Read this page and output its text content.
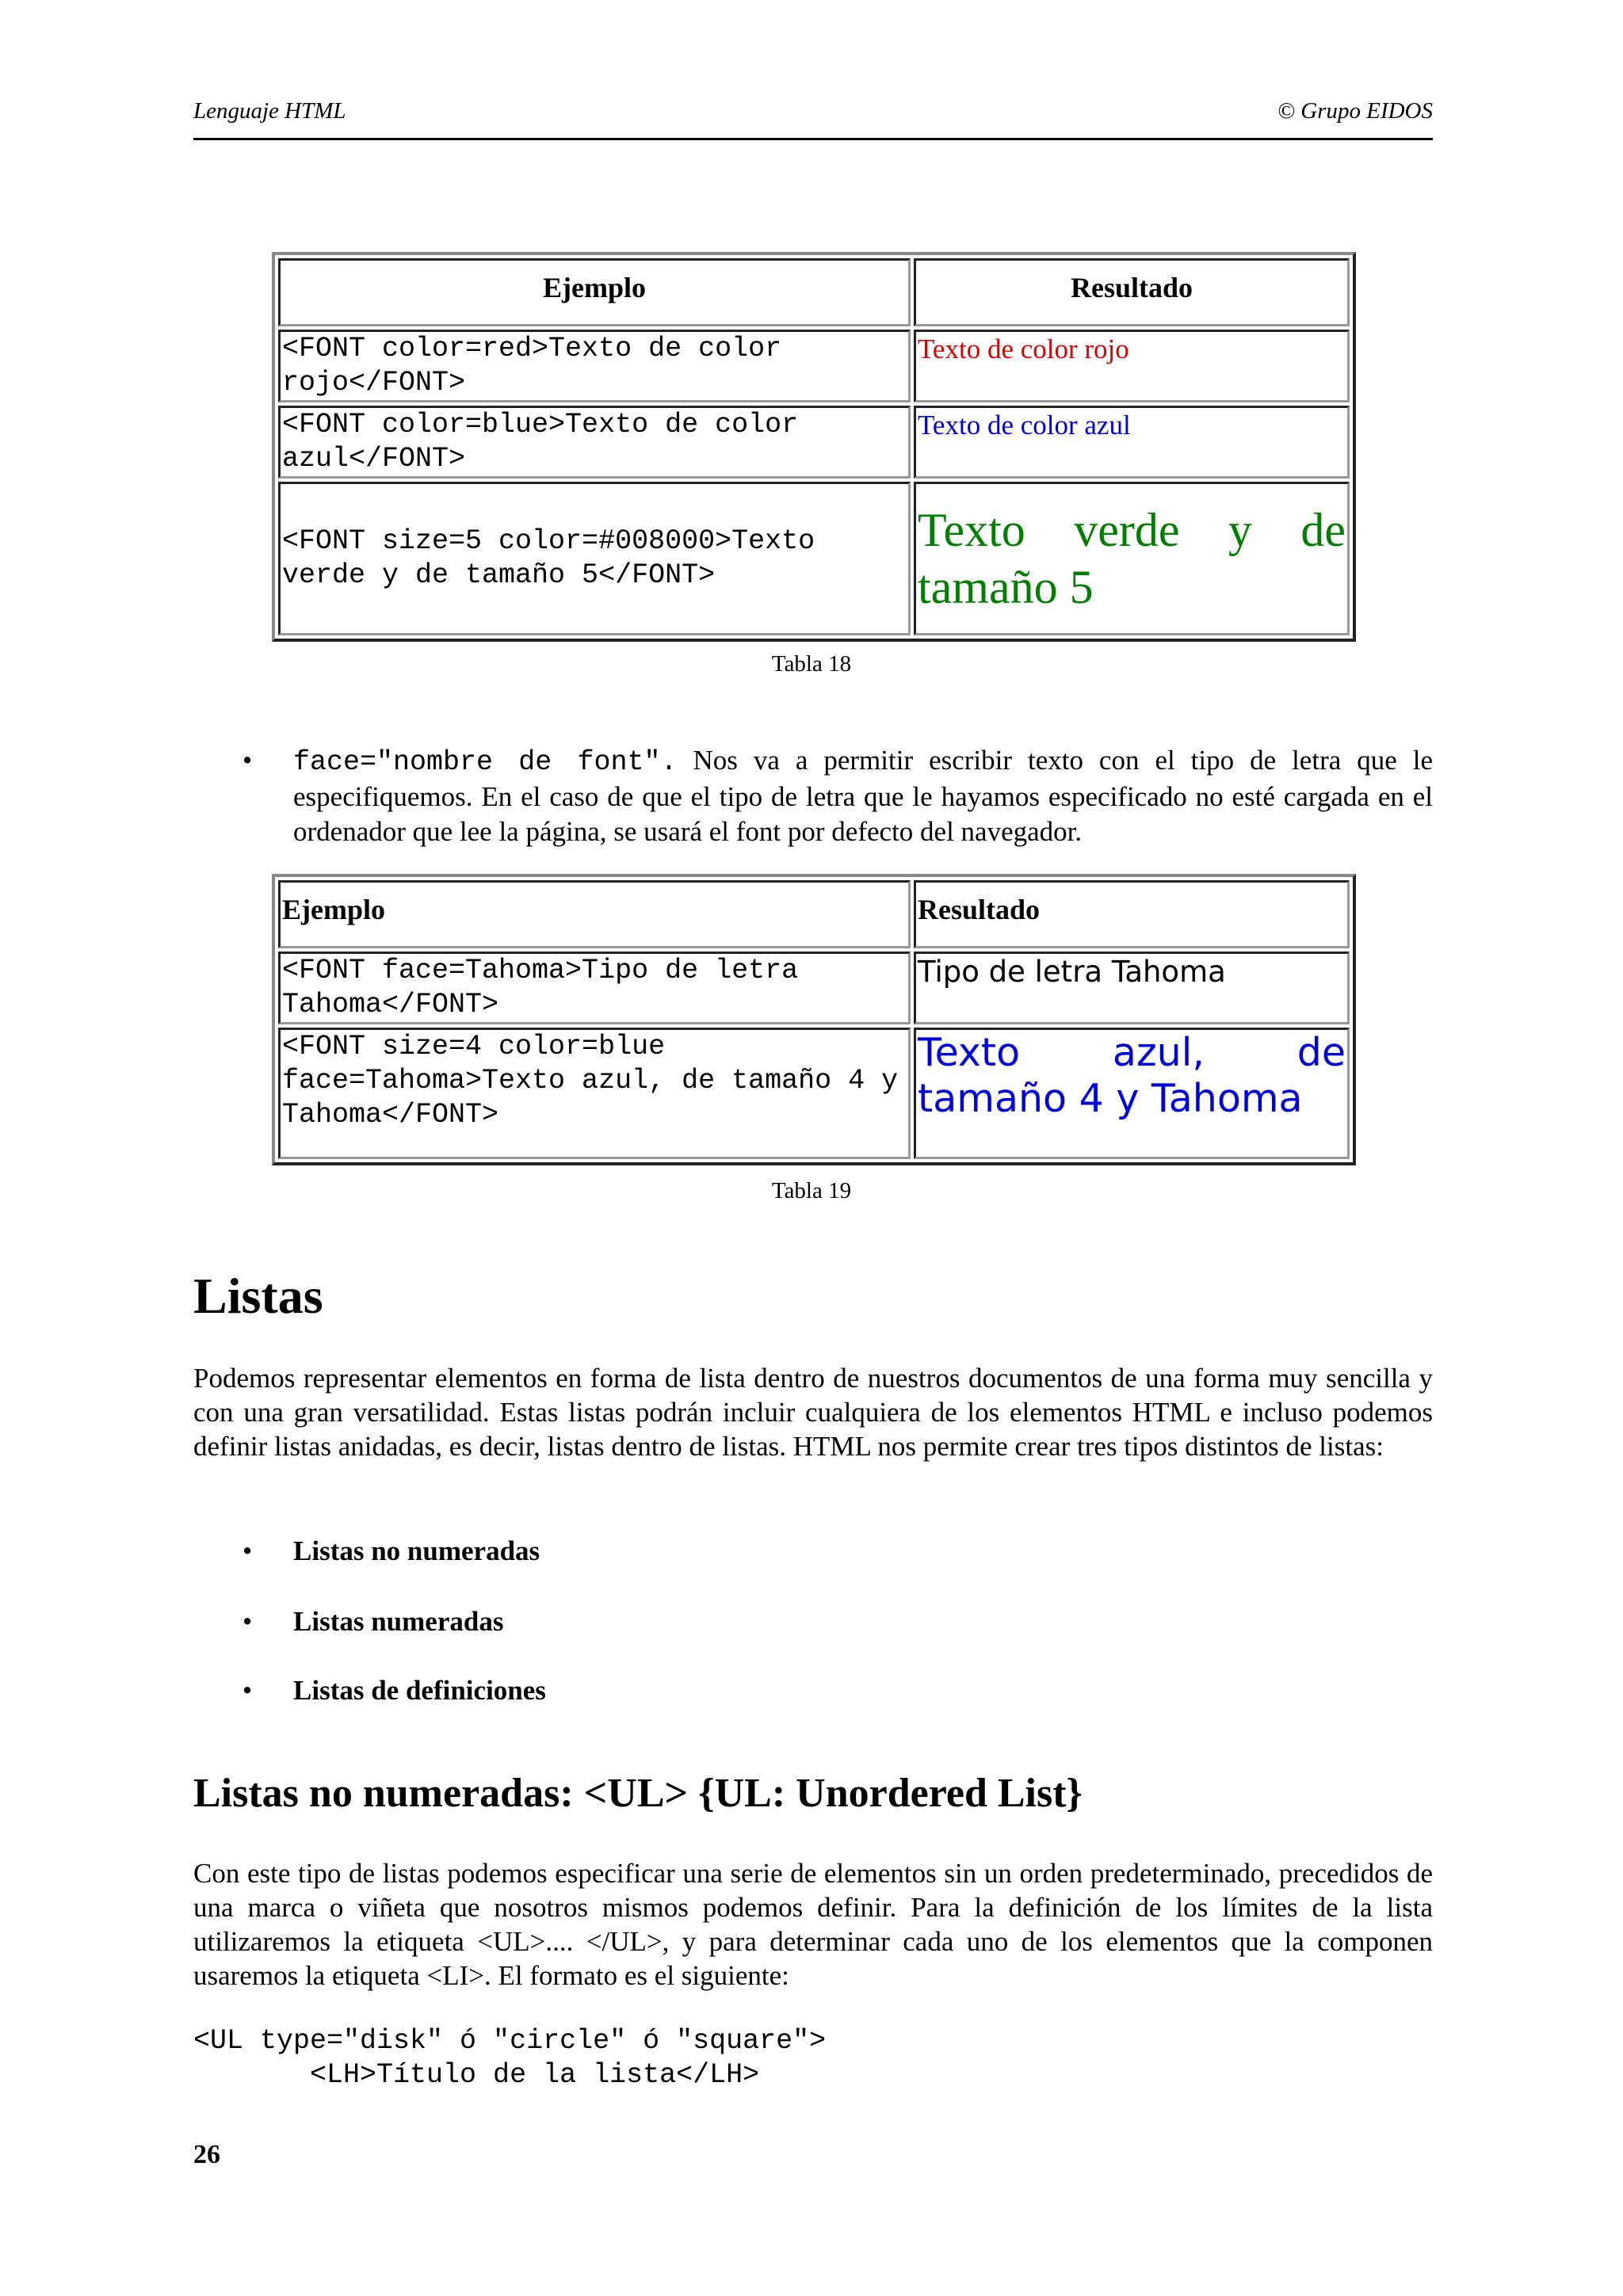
Lenguaje HTML	© Grupo EIDOS
Ejemplo	Resultado
<FONT color=red>Texto de color rojo</FONT>	Texto de color rojo
<FONT color=blue>Texto de color azul</FONT>	Texto de color azul
<FONT size=5 color=#008000>Texto verde y de tamaño 5</FONT>	Texto verde y de tamaño 5
Tabla 18
• face="nombre de font". Nos va a permitir escribir texto con el tipo de letra que le especifiquemos. En el caso de que el tipo de letra que le hayamos especificado no esté cargada en el ordenador que lee la página, se usará el font por defecto del navegador.
Ejemplo	Resultado
<FONT face=Tahoma>Tipo de letra Tahoma</FONT>	Tipo de letra Tahoma
<FONT size=4 color=blue face=Tahoma>Texto azul, de tamaño 4 y Tahoma</FONT>	Texto azul, de tamaño 4 y Tahoma
Tabla 19
Listas
Podemos representar elementos en forma de lista dentro de nuestros documentos de una forma muy sencilla y con una gran versatilidad. Estas listas podrán incluir cualquiera de los elementos HTML e incluso podemos definir listas anidadas, es decir, listas dentro de listas. HTML nos permite crear tres tipos distintos de listas:
• Listas no numeradas
• Listas numeradas
• Listas de definiciones
Listas no numeradas: <UL> {UL: Unordered List}
Con este tipo de listas podemos especificar una serie de elementos sin un orden predeterminado, precedidos de una marca o viñeta que nosotros mismos podemos definir. Para la definición de los límites de la lista utilizaremos la etiqueta <UL>.... </UL>, y para determinar cada uno de los elementos que la componen usaremos la etiqueta <LI>. El formato es el siguiente:
<UL type="disk" ó "circle" ó "square">
<LH>Título de la lista</LH>
26
